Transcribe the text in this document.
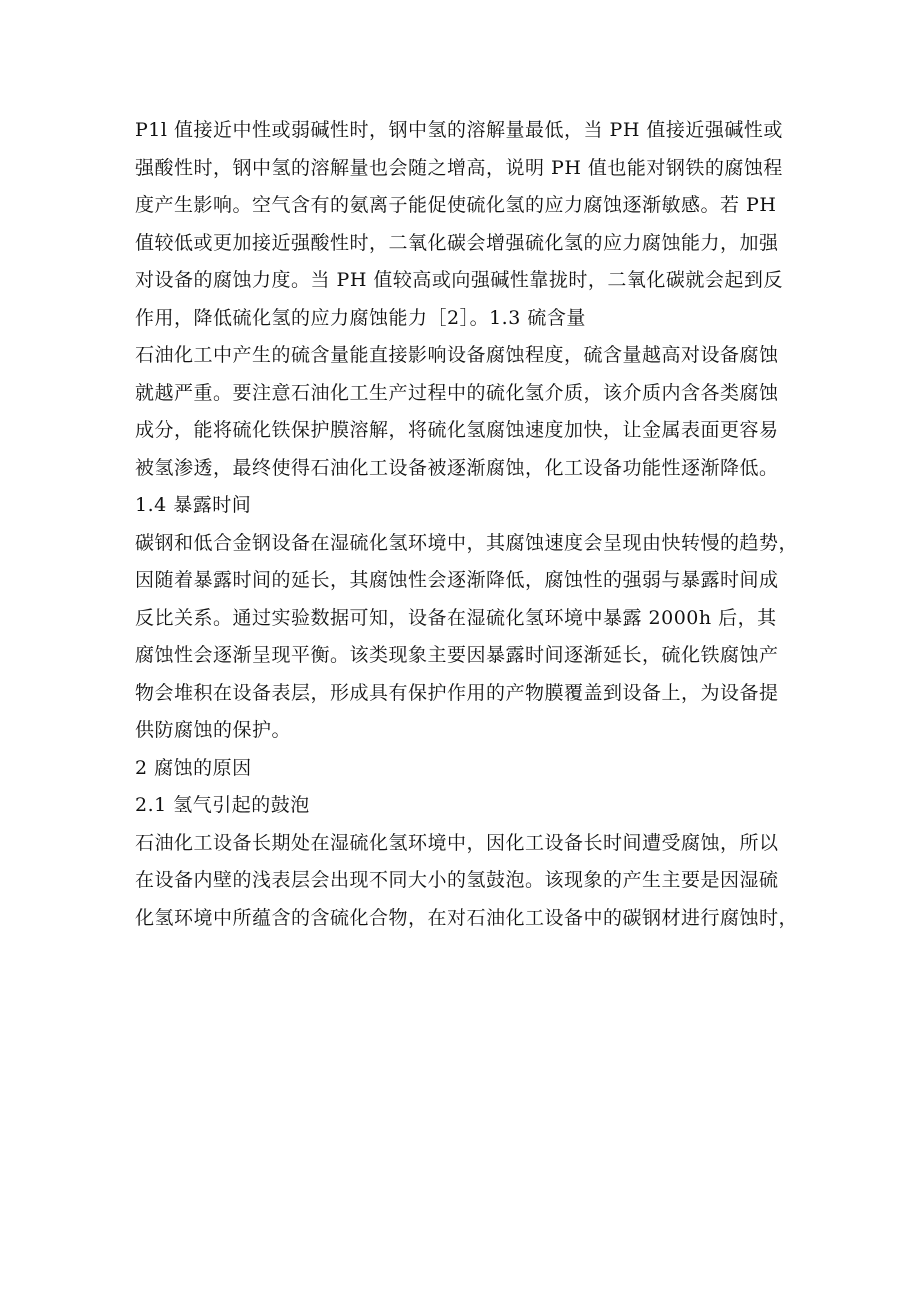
P1l 值接近中性或弱碱性时，钢中氢的溶解量最低，当 PH 值接近强碱性或
强酸性时，钢中氢的溶解量也会随之增高，说明 PH 值也能对钢铁的腐蚀程
度产生影响。空气含有的氨离子能促使硫化氢的应力腐蚀逐渐敏感。若 PH
值较低或更加接近强酸性时，二氧化碳会增强硫化氢的应力腐蚀能力，加强
对设备的腐蚀力度。当 PH 值较高或向强碱性靠拢时，二氧化碳就会起到反
作用，降低硫化氢的应力腐蚀能力［2］。1.3 硫含量
石油化工中产生的硫含量能直接影响设备腐蚀程度，硫含量越高对设备腐蚀
就越严重。要注意石油化工生产过程中的硫化氢介质，该介质内含各类腐蚀
成分，能将硫化铁保护膜溶解，将硫化氢腐蚀速度加快，让金属表面更容易
被氢渗透，最终使得石油化工设备被逐渐腐蚀，化工设备功能性逐渐降低。
1.4 暴露时间
碳钢和低合金钢设备在湿硫化氢环境中，其腐蚀速度会呈现由快转慢的趋势，
因随着暴露时间的延长，其腐蚀性会逐渐降低，腐蚀性的强弱与暴露时间成
反比关系。通过实验数据可知，设备在湿硫化氢环境中暴露 2000h 后，其
腐蚀性会逐渐呈现平衡。该类现象主要因暴露时间逐渐延长，硫化铁腐蚀产
物会堆积在设备表层，形成具有保护作用的产物膜覆盖到设备上，为设备提
供防腐蚀的保护。
2 腐蚀的原因
2.1 氢气引起的鼓泡
石油化工设备长期处在湿硫化氢环境中，因化工设备长时间遭受腐蚀，所以
在设备内壁的浅表层会出现不同大小的氢鼓泡。该现象的产生主要是因湿硫
化氢环境中所蕴含的含硫化合物，在对石油化工设备中的碳钢材进行腐蚀时，
